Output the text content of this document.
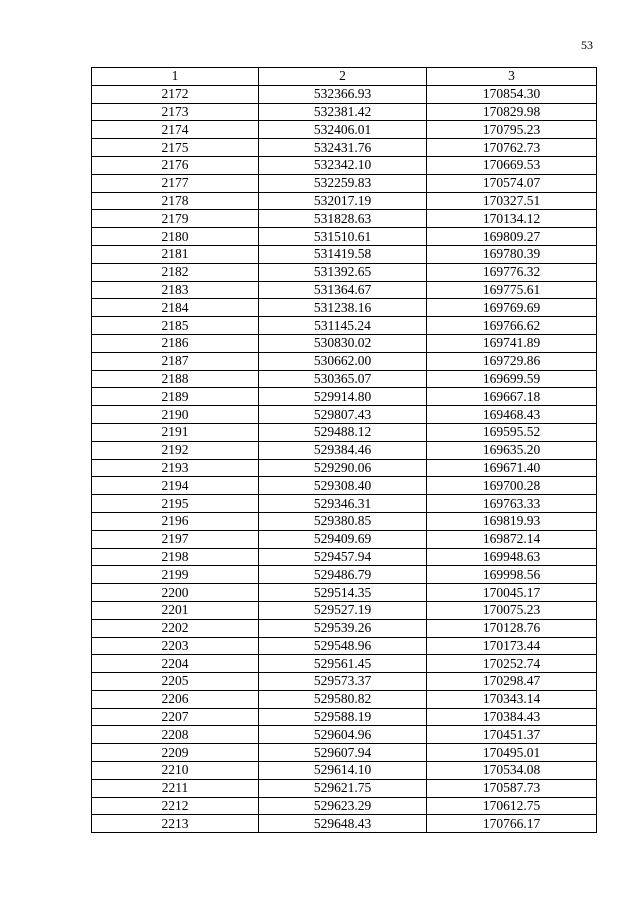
53
1	2	3
2172	532366.93	170854.30
2173	532381.42	170829.98
2174	532406.01	170795.23
2175	532431.76	170762.73
2176	532342.10	170669.53
2177	532259.83	170574.07
2178	532017.19	170327.51
2179	531828.63	170134.12
2180	531510.61	169809.27
2181	531419.58	169780.39
2182	531392.65	169776.32
2183	531364.67	169775.61
2184	531238.16	169769.69
2185	531145.24	169766.62
2186	530830.02	169741.89
2187	530662.00	169729.86
2188	530365.07	169699.59
2189	529914.80	169667.18
2190	529807.43	169468.43
2191	529488.12	169595.52
2192	529384.46	169635.20
2193	529290.06	169671.40
2194	529308.40	169700.28
2195	529346.31	169763.33
2196	529380.85	169819.93
2197	529409.69	169872.14
2198	529457.94	169948.63
2199	529486.79	169998.56
2200	529514.35	170045.17
2201	529527.19	170075.23
2202	529539.26	170128.76
2203	529548.96	170173.44
2204	529561.45	170252.74
2205	529573.37	170298.47
2206	529580.82	170343.14
2207	529588.19	170384.43
2208	529604.96	170451.37
2209	529607.94	170495.01
2210	529614.10	170534.08
2211	529621.75	170587.73
2212	529623.29	170612.75
2213	529648.43	170766.17
